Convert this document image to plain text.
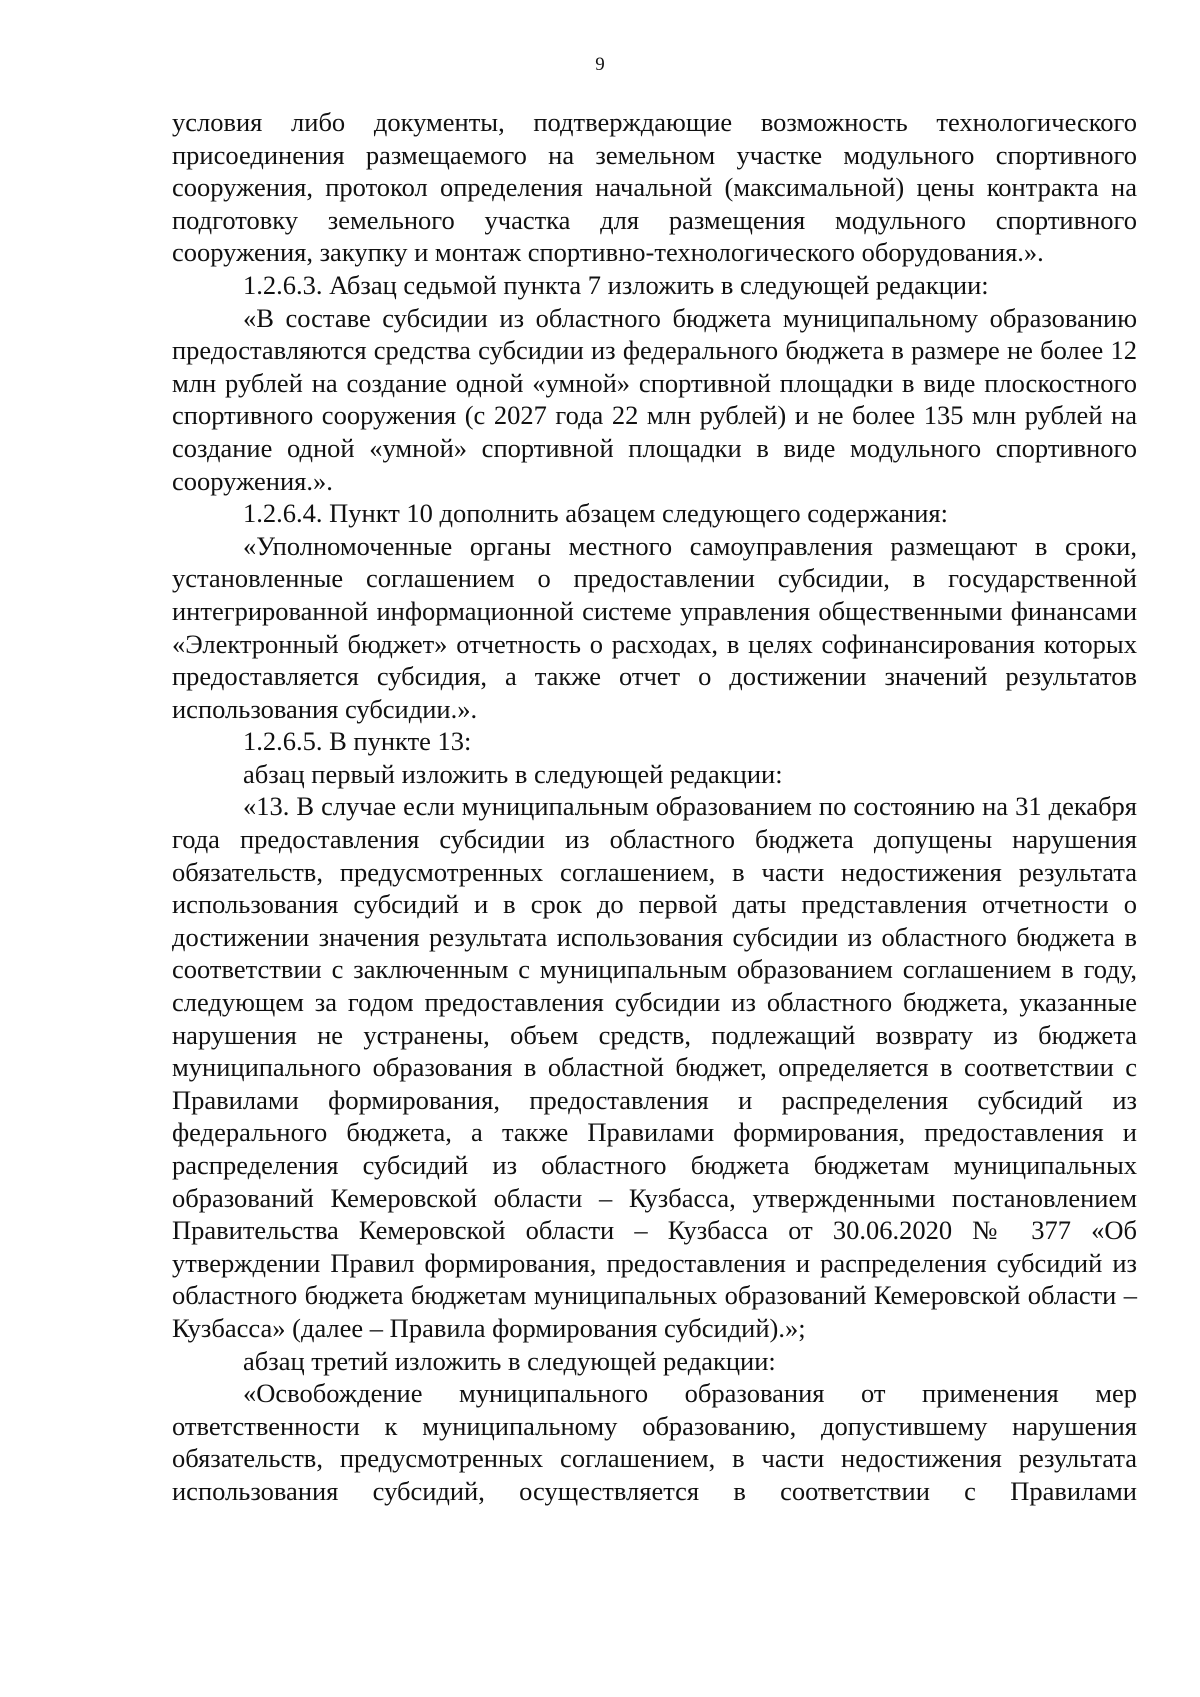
9

условия либо документы, подтверждающие возможность технологического присоединения размещаемого на земельном участке модульного спортивного сооружения, протокол определения начальной (максимальной) цены контракта на подготовку земельного участка для размещения модульного спортивного сооружения, закупку и монтаж спортивно-технологического оборудования.».

1.2.6.3. Абзац седьмой пункта 7 изложить в следующей редакции:

«В составе субсидии из областного бюджета муниципальному образованию предоставляются средства субсидии из федерального бюджета в размере не более 12 млн рублей на создание одной «умной» спортивной площадки в виде плоскостного спортивного сооружения (с 2027 года 22 млн рублей) и не более 135 млн рублей на создание одной «умной» спортивной площадки в виде модульного спортивного сооружения.».

1.2.6.4. Пункт 10 дополнить абзацем следующего содержания:

«Уполномоченные органы местного самоуправления размещают в сроки, установленные соглашением о предоставлении субсидии, в государственной интегрированной информационной системе управления общественными финансами «Электронный бюджет» отчетность о расходах, в целях софинансирования которых предоставляется субсидия, а также отчет о достижении значений результатов использования субсидии.».

1.2.6.5. В пункте 13:

абзац первый изложить в следующей редакции:

«13. В случае если муниципальным образованием по состоянию на 31 декабря года предоставления субсидии из областного бюджета допущены нарушения обязательств, предусмотренных соглашением, в части недостижения результата использования субсидий и в срок до первой даты представления отчетности о достижении значения результата использования субсидии из областного бюджета в соответствии с заключенным с муниципальным образованием соглашением в году, следующем за годом предоставления субсидии из областного бюджета, указанные нарушения не устранены, объем средств, подлежащий возврату из бюджета муниципального образования в областной бюджет, определяется в соответствии с Правилами формирования, предоставления и распределения субсидий из федерального бюджета, а также Правилами формирования, предоставления и распределения субсидий из областного бюджета бюджетам муниципальных образований Кемеровской области – Кузбасса, утвержденными постановлением Правительства Кемеровской области – Кузбасса от 30.06.2020 № 377 «Об утверждении Правил формирования, предоставления и распределения субсидий из областного бюджета бюджетам муниципальных образований Кемеровской области – Кузбасса» (далее – Правила формирования субсидий).»;

абзац третий изложить в следующей редакции:

«Освобождение муниципального образования от применения мер ответственности к муниципальному образованию, допустившему нарушения обязательств, предусмотренных соглашением, в части недостижения результата использования субсидий, осуществляется в соответствии с Правилами
